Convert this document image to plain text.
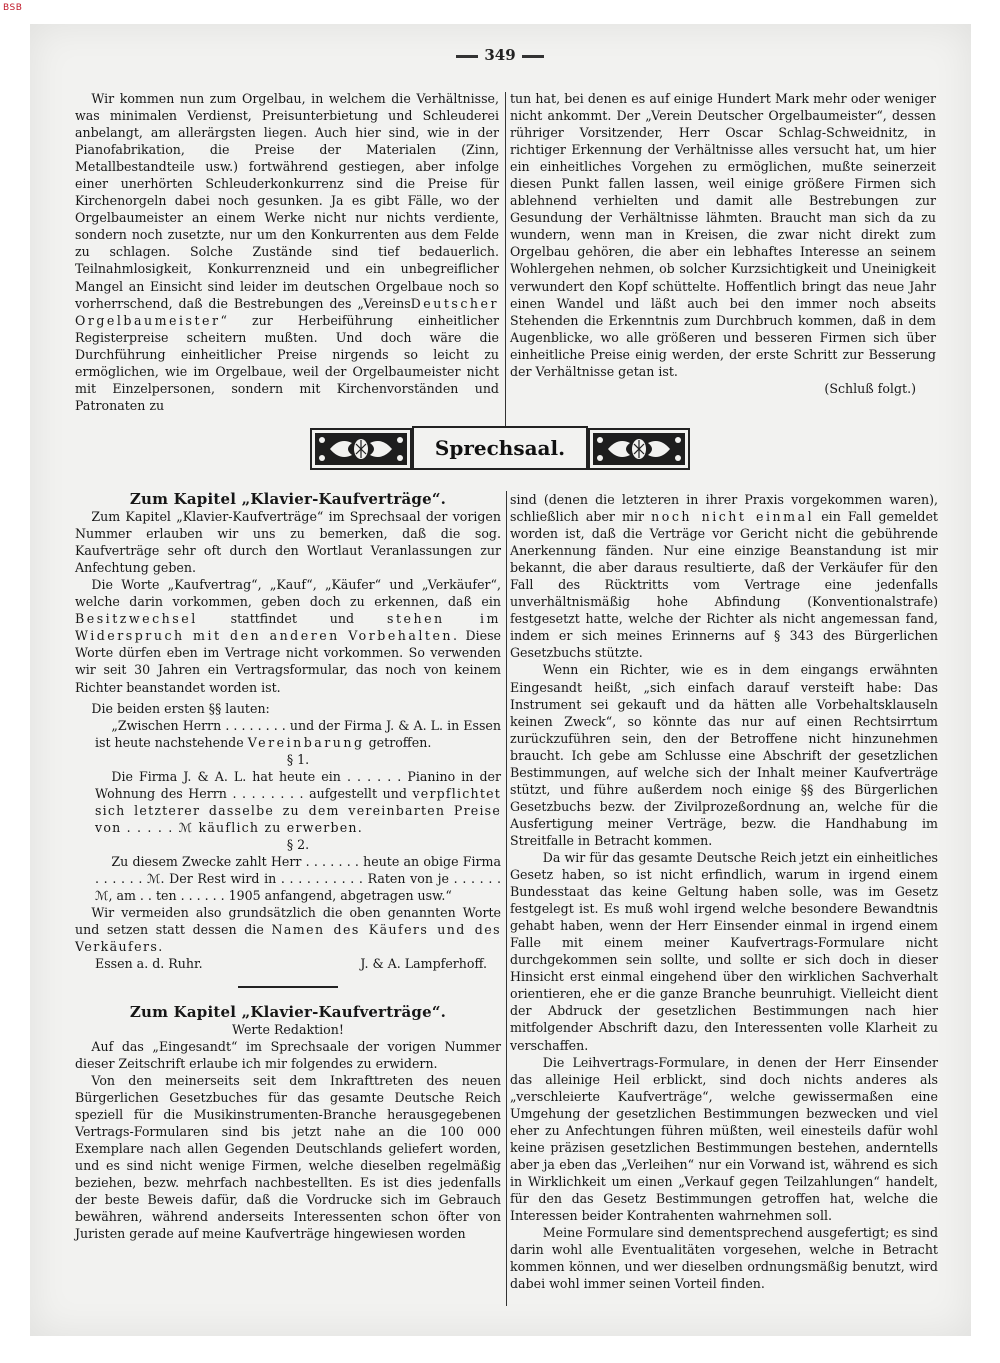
BSB
349

Wir kommen nun zum Orgelbau, in welchem die Verhältnisse, was minimalen Verdienst, Preisunterbietung und Schleuderei anbelangt, am allerärgsten liegen. Auch hier sind, wie in der Pianofabrikation, die Preise der Materialen (Zinn, Metallbestandteile usw.) fortwährend gestiegen, aber infolge einer unerhörten Schleuderkonkurrenz sind die Preise für Kirchenorgeln dabei noch gesunken. Ja es gibt Fälle, wo der Orgelbaumeister an einem Werke nicht nur nichts verdiente, sondern noch zusetzte, nur um den Konkurrenten aus dem Felde zu schlagen. Solche Zustände sind tief bedauerlich. Teilnahmlosigkeit, Konkurrenzneid und ein unbegreiflicher Mangel an Einsicht sind leider im deutschen Orgelbaue noch so vorherrschend, daß die Bestrebungen des „VereinsDeutscher Orgelbaumeister“ zur Herbeiführung einheitlicher Registerpreise scheitern mußten. Und doch wäre die Durchführung einheitlicher Preise nirgends so leicht zu ermöglichen, wie im Orgelbaue, weil der Orgelbaumeister nicht mit Einzelpersonen, sondern mit Kirchenvorständen und Patronaten zu

tun hat, bei denen es auf einige Hundert Mark mehr oder weniger nicht ankommt. Der „Verein Deutscher Orgelbaumeister“, dessen rühriger Vorsitzender, Herr Oscar Schlag-Schweidnitz, in richtiger Erkennung der Verhältnisse alles versucht hat, um hier ein einheitliches Vorgehen zu ermöglichen, mußte seinerzeit diesen Punkt fallen lassen, weil einige größere Firmen sich ablehnend verhielten und damit alle Bestrebungen zur Gesundung der Verhältnisse lähmten. Braucht man sich da zu wundern, wenn man in Kreisen, die zwar nicht direkt zum Orgelbau gehören, die aber ein lebhaftes Interesse an seinem Wohlergehen nehmen, ob solcher Kurzsichtigkeit und Uneinigkeit verwundert den Kopf schüttelte. Hoffentlich bringt das neue Jahr einen Wandel und läßt auch bei den immer noch abseits Stehenden die Erkenntnis zum Durchbruch kommen, daß in dem Augenblicke, wo alle größeren und besseren Firmen sich über einheitliche Preise einig werden, der erste Schritt zur Besserung der Verhältnisse getan ist.

(Schluß folgt.)

Sprechsaal.

Zum Kapitel „Klavier-Kaufverträge“.

Zum Kapitel „Klavier-Kaufverträge“ im Sprechsaal der vorigen Nummer erlauben wir uns zu bemerken, daß die sog. Kaufverträge sehr oft durch den Wortlaut Veranlassungen zur Anfechtung geben.

Die Worte „Kaufvertrag“, „Kauf“, „Käufer“ und „Verkäufer“, welche darin vorkommen, geben doch zu erkennen, daß ein Besitzwechsel	stattfindet und	stehen im Widerspruch mit den anderen Vorbehalten. Diese Worte dürfen eben im Vertrage nicht vorkommen. So verwenden wir seit 30 Jahren ein Vertragsformular, das noch von keinem Richter beanstandet worden ist.

Die beiden ersten §§ lauten:

„Zwischen Herrn . . . . . . . . und der Firma J. & A. L. in Essen ist heute nachstehende Vereinbarung getroffen.

§ 1.

Die Firma J. & A. L. hat heute ein . . . . . . Pianino in der Wohnung des Herrn . . . . . . . . aufgestellt und verpflichtet sich letzterer dasselbe zu dem vereinbarten Preise von . . . . . ℳ käuflich zu erwerben.

§ 2.

Zu diesem Zwecke zahlt Herr . . . . . . . heute an obige Firma . . . . . . ℳ. Der Rest wird in . . . . . . . . . . Raten von je . . . . . . ℳ, am . . ten . . . . . . 1905 anfangend, abgetragen usw.“

Wir vermeiden also grundsätzlich die oben genannten Worte und setzen statt dessen die Namen des Käufers und des Verkäufers.

Essen a. d. Ruhr.	J. & A. Lampferhoff.

Zum Kapitel „Klavier-Kaufverträge“.

Werte Redaktion!

Auf das „Eingesandt“ im Sprechsaale der vorigen Nummer dieser Zeitschrift erlaube ich mir folgendes zu erwidern.

Von den meinerseits seit dem Inkrafttreten des neuen Bürgerlichen Gesetzbuches für das gesamte Deutsche Reich speziell für die Musikinstrumenten-Branche herausgegebenen Vertrags-Formularen sind bis jetzt nahe an die 100 000 Exemplare nach allen Gegenden Deutschlands geliefert worden, und es sind nicht wenige Firmen, welche dieselben regelmäßig beziehen, bezw. mehrfach nachbestellten. Es ist dies jedenfalls der beste Beweis dafür, daß die Vordrucke sich im Gebrauch bewähren, während anderseits Interessenten schon öfter von Juristen gerade auf meine Kaufverträge hingewiesen worden

sind (denen die letzteren in ihrer Praxis vorgekommen waren), schließlich aber mir noch nicht einmal ein Fall gemeldet worden ist, daß die Verträge vor Gericht nicht die gebührende Anerkennung fänden. Nur eine einzige Beanstandung ist mir bekannt, die aber daraus resultierte, daß der Verkäufer für den Fall des Rücktritts vom Vertrage eine jedenfalls unverhältnismäßig hohe Abfindung (Konventionalstrafe) festgesetzt hatte, welche der Richter als nicht angemessan fand, indem er sich meines Erinnerns auf § 343 des Bürgerlichen Gesetzbuchs stützte.

Wenn ein Richter, wie es in dem eingangs erwähnten Eingesandt heißt, „sich einfach darauf versteift habe: Das Instrument sei gekauft und da hätten alle Vorbehaltsklauseln keinen Zweck“, so könnte das nur auf einen Rechtsirrtum zurückzuführen sein, den der Betroffene nicht hinzunehmen braucht. Ich gebe am Schlusse eine Abschrift der gesetzlichen Bestimmungen, auf welche sich der Inhalt meiner Kaufverträge stützt, und führe außerdem noch einige §§ des Bürgerlichen Gesetzbuchs bezw. der Zivilprozeßordnung an, welche für die Ausfertigung meiner Verträge, bezw. die Handhabung im Streitfalle in Betracht kommen.

Da wir für das gesamte Deutsche Reich jetzt ein einheitliches Gesetz haben, so ist nicht erfindlich, warum in irgend einem Bundesstaat das keine Geltung haben solle, was im Gesetz festgelegt ist. Es muß wohl irgend welche besondere Bewandtnis gehabt haben, wenn der Herr Einsender einmal in irgend einem Falle mit einem meiner Kaufvertrags-Formulare nicht durchgekommen sein sollte, und sollte er sich doch in dieser Hinsicht erst einmal eingehend über den wirklichen Sachverhalt orientieren, ehe er die ganze Branche beunruhigt. Vielleicht dient der Abdruck der gesetzlichen Bestimmungen nach hier mitfolgender Abschrift dazu, den Interessenten volle Klarheit zu verschaffen.

Die Leihvertrags-Formulare, in denen der Herr Einsender das alleinige Heil erblickt, sind doch nichts anderes als „verschleierte Kaufverträge“, welche gewissermaßen eine Umgehung der gesetzlichen Bestimmungen bezwecken und viel eher zu Anfechtungen führen müßten, weil einesteils dafür wohl keine präzisen gesetzlichen Bestimmungen bestehen, anderntells aber ja eben das „Verleihen“ nur ein Vorwand ist, während es sich in Wirklichkeit um einen „Verkauf gegen Teilzahlungen“ handelt, für den das Gesetz Bestimmungen getroffen hat, welche die Interessen beider Kontrahenten wahrnehmen soll.

Meine Formulare sind dementsprechend ausgefertigt; es sind darin wohl alle Eventualitäten vorgesehen, welche in Betracht kommen können, und wer dieselben ordnungsmäßig benutzt, wird dabei wohl immer seinen Vorteil finden.
